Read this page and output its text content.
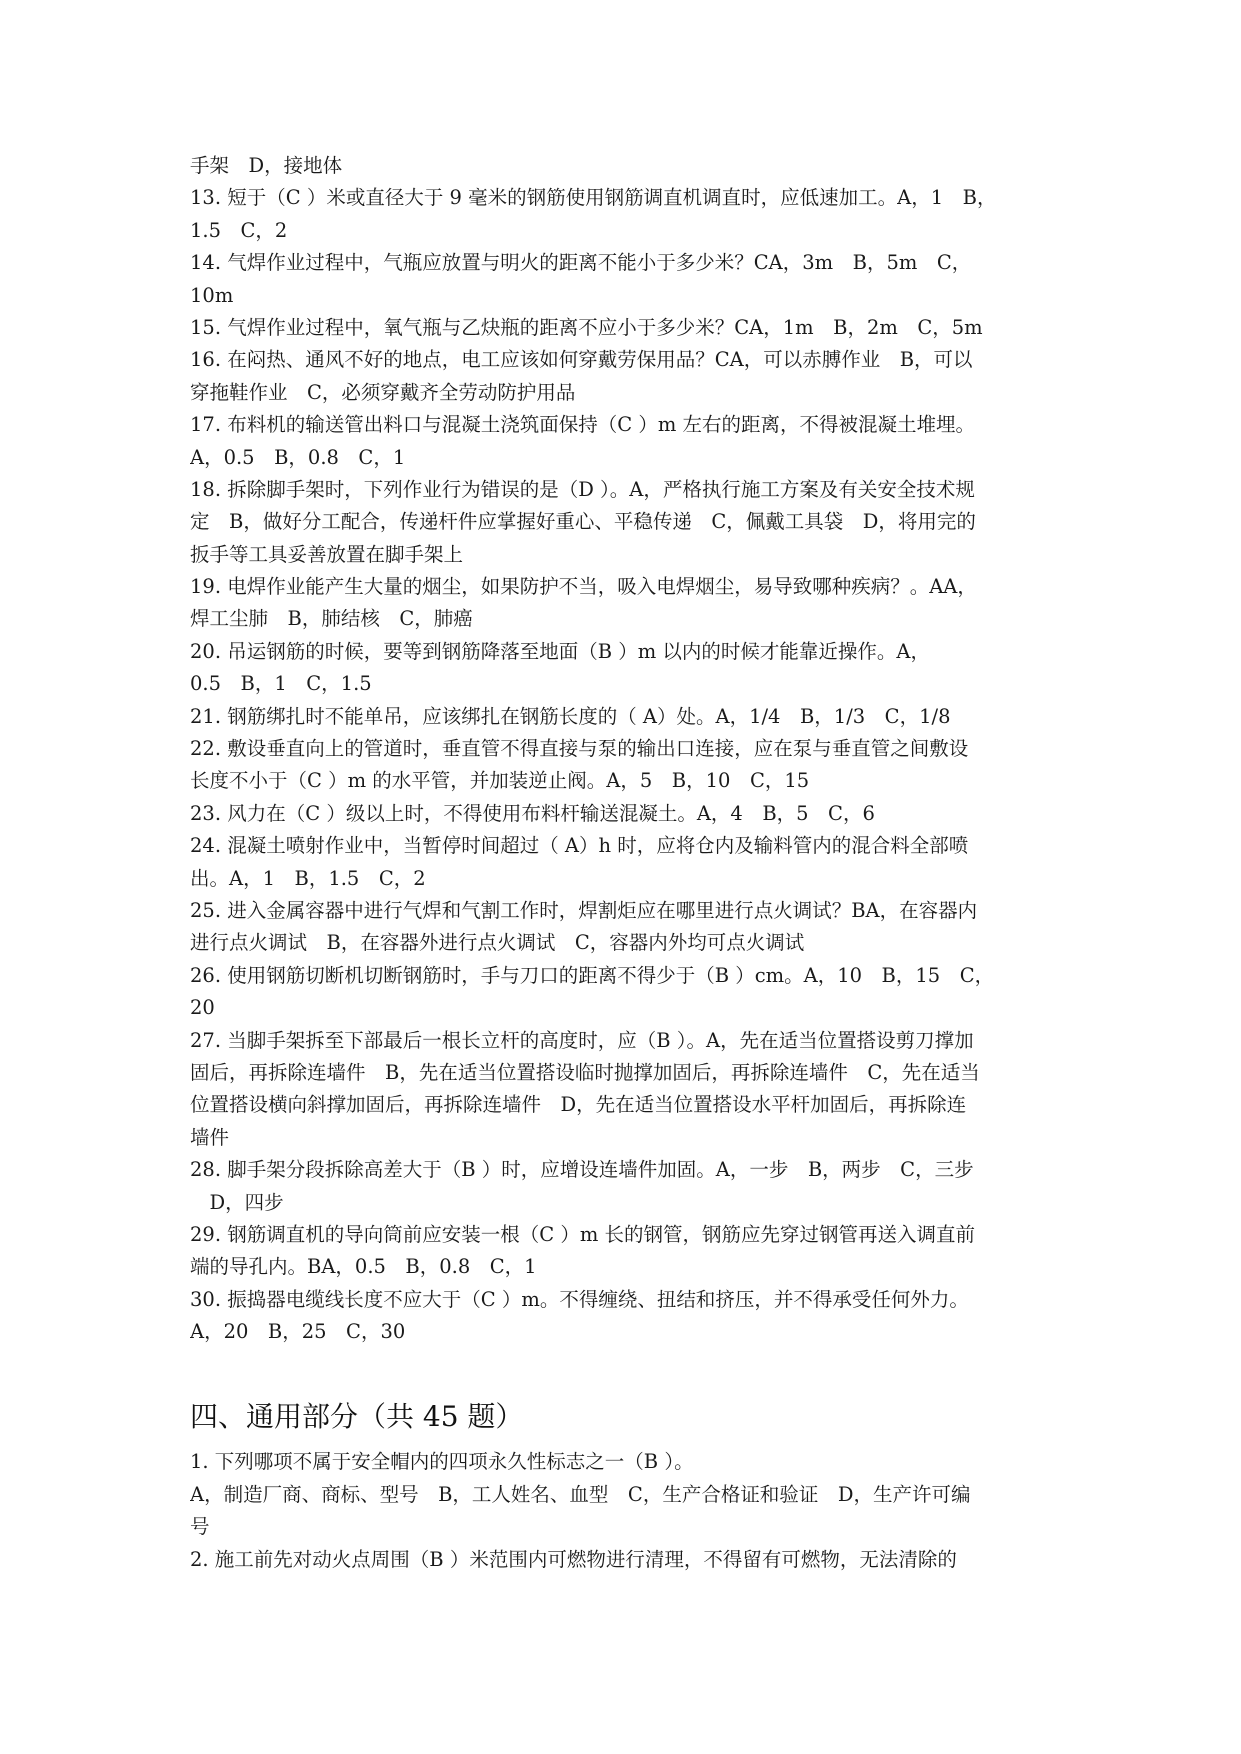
手架　D，接地体
13. 短于（C ）米或直径大于 9 毫米的钢筋使用钢筋调直机调直时，应低速加工。A，1　B，
1.5　C，2
14. 气焊作业过程中，气瓶应放置与明火的距离不能小于多少米？CA，3m　B，5m　C，
10m
15. 气焊作业过程中，氧气瓶与乙炔瓶的距离不应小于多少米？CA，1m　B，2m　C，5m
16. 在闷热、通风不好的地点，电工应该如何穿戴劳保用品？CA，可以赤膊作业　B，可以
穿拖鞋作业　C，必须穿戴齐全劳动防护用品
17. 布料机的输送管出料口与混凝土浇筑面保持（C ）m 左右的距离，不得被混凝土堆埋。
A，0.5　B，0.8　C，1
18. 拆除脚手架时，下列作业行为错误的是（D ）。A，严格执行施工方案及有关安全技术规
定　B，做好分工配合，传递杆件应掌握好重心、平稳传递　C，佩戴工具袋　D，将用完的
扳手等工具妥善放置在脚手架上
19. 电焊作业能产生大量的烟尘，如果防护不当，吸入电焊烟尘，易导致哪种疾病？。AA，
焊工尘肺　B，肺结核　C，肺癌
20. 吊运钢筋的时候，要等到钢筋降落至地面（B ）m 以内的时候才能靠近操作。A，
0.5　B，1　C，1.5
21. 钢筋绑扎时不能单吊，应该绑扎在钢筋长度的（ A）处。A，1/4　B，1/3　C，1/8
22. 敷设垂直向上的管道时，垂直管不得直接与泵的输出口连接，应在泵与垂直管之间敷设
长度不小于（C ）m 的水平管，并加装逆止阀。A，5　B，10　C，15
23. 风力在（C ）级以上时，不得使用布料杆输送混凝土。A，4　B，5　C，6
24. 混凝土喷射作业中，当暂停时间超过（ A）h 时，应将仓内及输料管内的混合料全部喷
出。A，1　B，1.5　C，2
25. 进入金属容器中进行气焊和气割工作时，焊割炬应在哪里进行点火调试？BA，在容器内
进行点火调试　B，在容器外进行点火调试　C，容器内外均可点火调试
26. 使用钢筋切断机切断钢筋时，手与刀口的距离不得少于（B ）cm。A，10　B，15　C，
20
27. 当脚手架拆至下部最后一根长立杆的高度时，应（B ）。A，先在适当位置搭设剪刀撑加
固后，再拆除连墙件　B，先在适当位置搭设临时抛撑加固后，再拆除连墙件　C，先在适当
位置搭设横向斜撑加固后，再拆除连墙件　D，先在适当位置搭设水平杆加固后，再拆除连
墙件
28. 脚手架分段拆除高差大于（B ）时，应增设连墙件加固。A，一步　B，两步　C，三步
　D，四步
29. 钢筋调直机的导向筒前应安装一根（C ）m 长的钢管，钢筋应先穿过钢管再送入调直前
端的导孔内。BA，0.5　B，0.8　C，1
30. 振捣器电缆线长度不应大于（C ）m。不得缠绕、扭结和挤压，并不得承受任何外力。
A，20　B，25　C，30
四、通用部分（共 45 题）
1. 下列哪项不属于安全帽内的四项永久性标志之一（B ）。
A，制造厂商、商标、型号　B，工人姓名、血型　C，生产合格证和验证　D，生产许可编
号
2. 施工前先对动火点周围（B ）米范围内可燃物进行清理，不得留有可燃物，无法清除的
